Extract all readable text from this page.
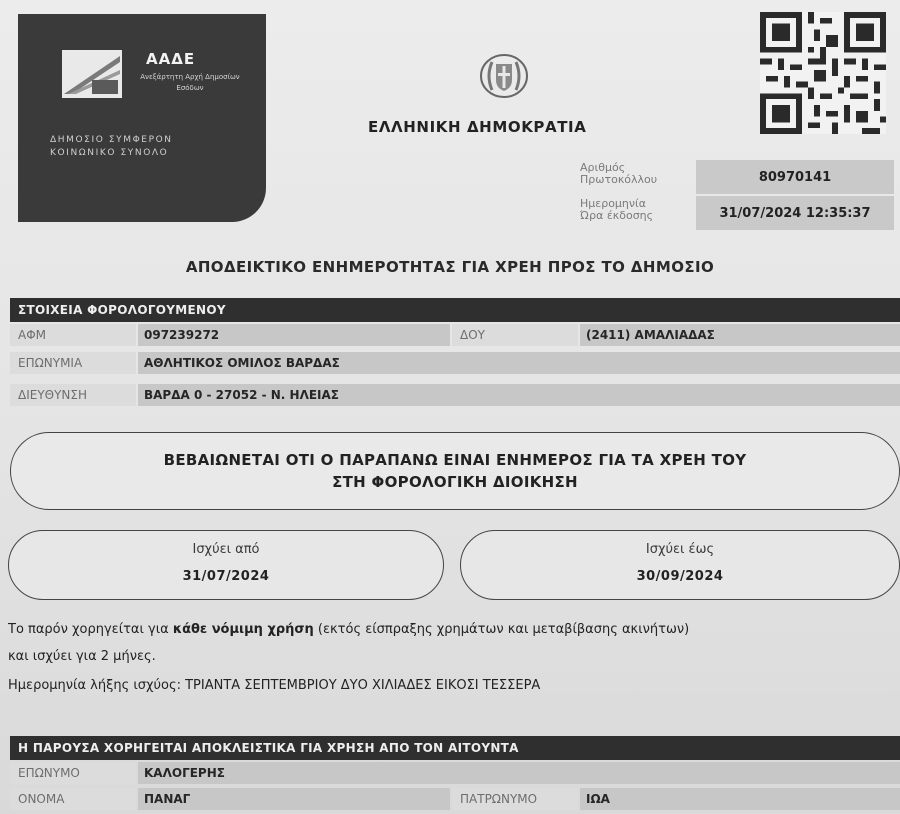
ΑΑΔΕ
Ανεξάρτητη Αρχή Δημοσίων Εσόδων
ΔΗΜΟΣΙΟ ΣΥΜΦΕΡΟΝ
ΚΟΙΝΩΝΙΚΟ ΣΥΝΟΛΟ
ΕΛΛΗΝΙΚΗ ΔΗΜΟΚΡΑΤΙΑ
Αριθμός
Πρωτοκόλλου	80970141
Ημερομηνία
Ώρα έκδοσης	31/07/2024 12:35:37
ΑΠΟΔΕΙΚΤΙΚΟ ΕΝΗΜΕΡΟΤΗΤΑΣ ΓΙΑ ΧΡΕΗ ΠΡΟΣ ΤΟ ΔΗΜΟΣΙΟ
ΣΤΟΙΧΕΙΑ ΦΟΡΟΛΟΓΟΥΜΕΝΟΥ
ΑΦΜ	097239272	ΔΟΥ	(2411) ΑΜΑΛΙΑΔΑΣ
ΕΠΩΝΥΜΙΑ	ΑΘΛΗΤΙΚΟΣ ΟΜΙΛΟΣ ΒΑΡΔΑΣ
ΔΙΕΥΘΥΝΣΗ	ΒΑΡΔΑ 0 - 27052 - Ν. ΗΛΕΙΑΣ
ΒΕΒΑΙΩΝΕΤΑΙ ΟΤΙ Ο ΠΑΡΑΠΑΝΩ ΕΙΝΑΙ ΕΝΗΜΕΡΟΣ ΓΙΑ ΤΑ ΧΡΕΗ ΤΟΥ
ΣΤΗ ΦΟΡΟΛΟΓΙΚΗ ΔΙΟΙΚΗΣΗ
Ισχύει από
31/07/2024
Ισχύει έως
30/09/2024
Το παρόν χορηγείται για κάθε νόμιμη χρήση (εκτός είσπραξης χρημάτων και μεταβίβασης ακινήτων)
και ισχύει για 2 μήνες.
Ημερομηνία λήξης ισχύος: ΤΡΙΑΝΤΑ ΣΕΠΤΕΜΒΡΙΟΥ ΔΥΟ ΧΙΛΙΑΔΕΣ ΕΙΚΟΣΙ ΤΕΣΣΕΡΑ
Η ΠΑΡΟΥΣΑ ΧΟΡΗΓΕΙΤΑΙ ΑΠΟΚΛΕΙΣΤΙΚΑ ΓΙΑ ΧΡΗΣΗ ΑΠΟ ΤΟΝ ΑΙΤΟΥΝΤΑ
ΕΠΩΝΥΜΟ	ΚΑΛΟΓΕΡΗΣ
ΟΝΟΜΑ	ΠΑΝΑΓ	ΠΑΤΡΩΝΥΜΟ	ΙΩΑ
